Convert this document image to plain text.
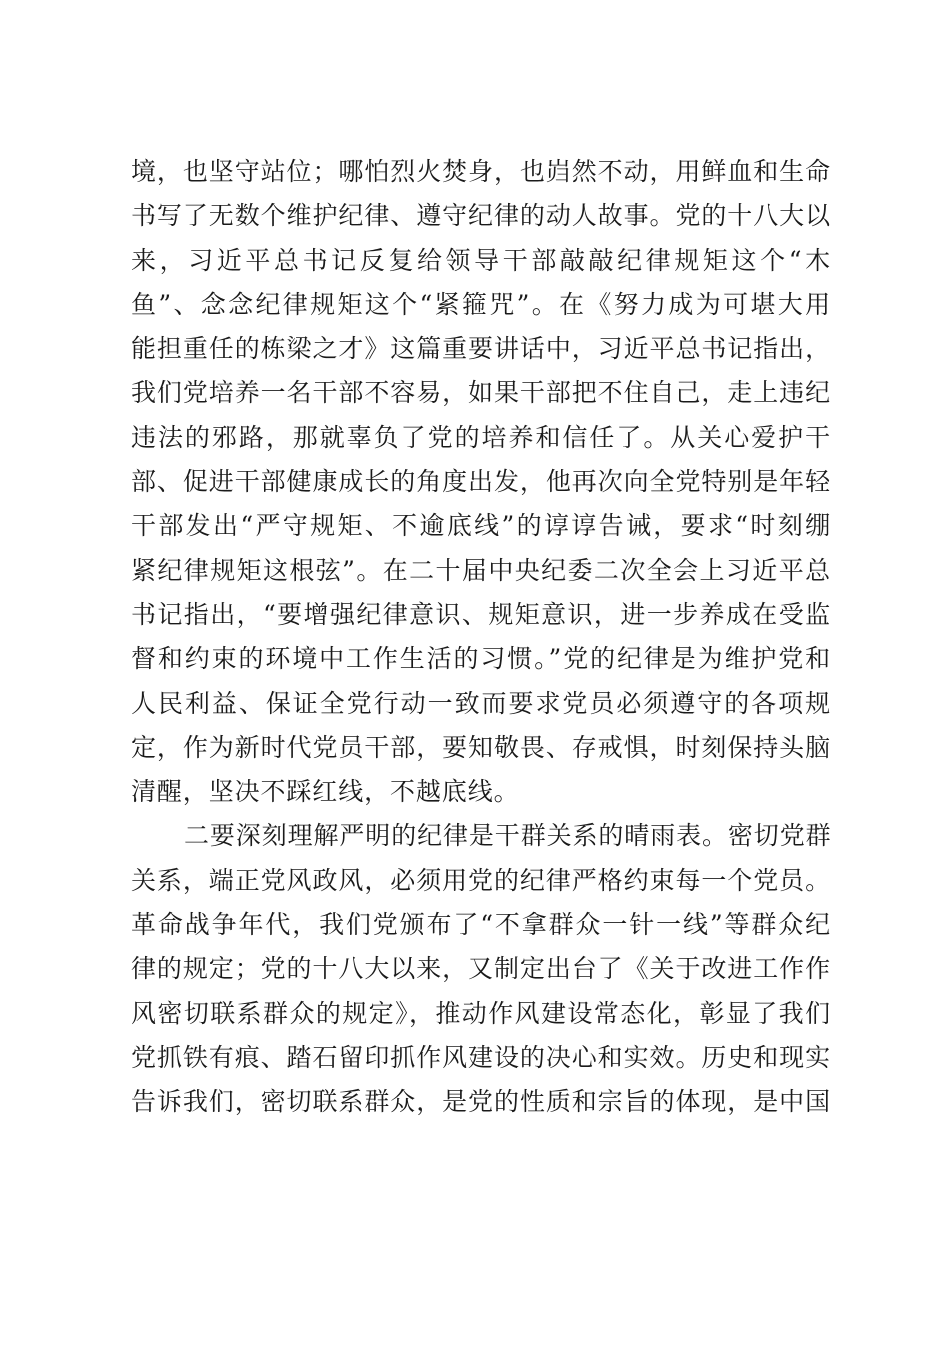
境，也坚守站位；哪怕烈火焚身，也岿然不动，用鲜血和生命
书写了无数个维护纪律、遵守纪律的动人故事。党的十八大以
来，习近平总书记反复给领导干部敲敲纪律规矩这个“木
鱼”、念念纪律规矩这个“紧箍咒”。在《努力成为可堪大用
能担重任的栋梁之才》这篇重要讲话中，习近平总书记指出，
我们党培养一名干部不容易，如果干部把不住自己，走上违纪
违法的邪路，那就辜负了党的培养和信任了。从关心爱护干
部、促进干部健康成长的角度出发，他再次向全党特别是年轻
干部发出“严守规矩、不逾底线”的谆谆告诫，要求“时刻绷
紧纪律规矩这根弦”。在二十届中央纪委二次全会上习近平总
书记指出，“要增强纪律意识、规矩意识，进一步养成在受监
督和约束的环境中工作生活的习惯。”党的纪律是为维护党和
人民利益、保证全党行动一致而要求党员必须遵守的各项规
定，作为新时代党员干部，要知敬畏、存戒惧，时刻保持头脑
清醒，坚决不踩红线，不越底线。
二要深刻理解严明的纪律是干群关系的晴雨表。密切党群
关系，端正党风政风，必须用党的纪律严格约束每一个党员。
革命战争年代，我们党颁布了“不拿群众一针一线”等群众纪
律的规定；党的十八大以来，又制定出台了《关于改进工作作
风密切联系群众的规定》，推动作风建设常态化，彰显了我们
党抓铁有痕、踏石留印抓作风建设的决心和实效。历史和现实
告诉我们，密切联系群众，是党的性质和宗旨的体现，是中国
